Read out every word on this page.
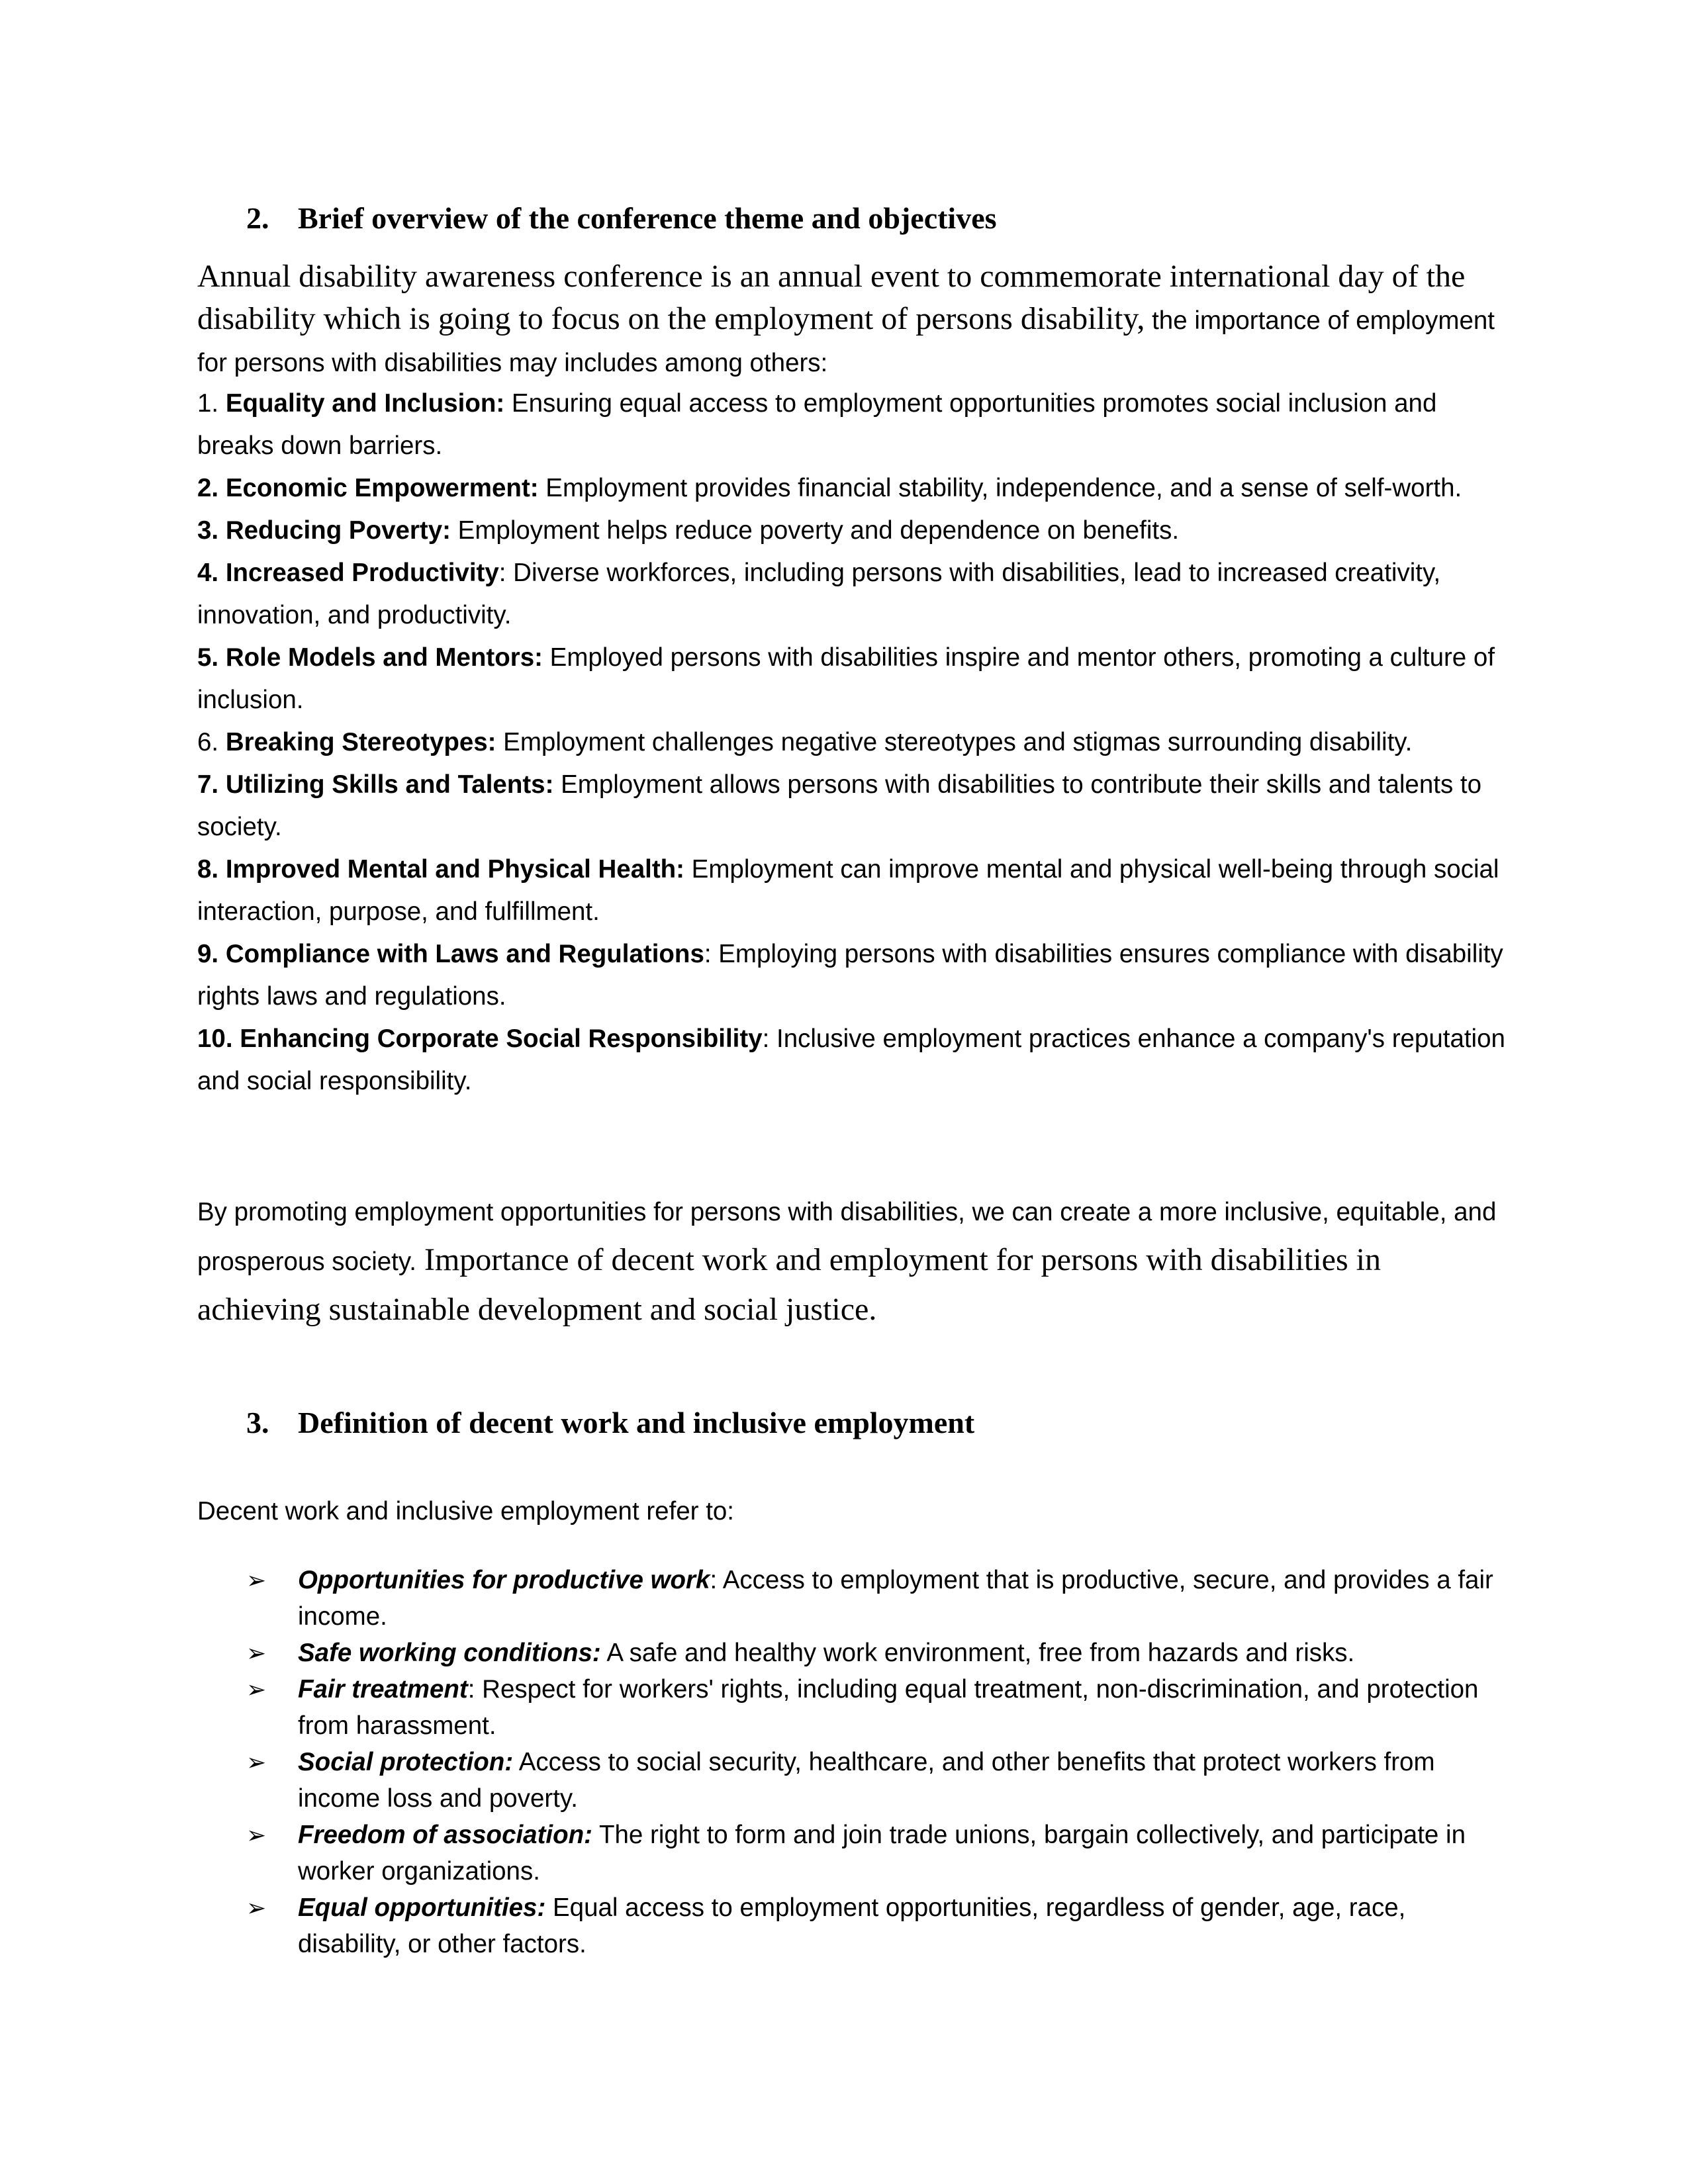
2. Brief overview of the conference theme and objectives
Annual disability awareness conference is an annual event to commemorate international day of the disability which is going to focus on the employment of persons disability, the importance of employment for persons with disabilities may includes among others:

1. Equality and Inclusion: Ensuring equal access to employment opportunities promotes social inclusion and breaks down barriers.

2. Economic Empowerment: Employment provides financial stability, independence, and a sense of self-worth.

3. Reducing Poverty: Employment helps reduce poverty and dependence on benefits.

4. Increased Productivity: Diverse workforces, including persons with disabilities, lead to increased creativity, innovation, and productivity.

5. Role Models and Mentors: Employed persons with disabilities inspire and mentor others, promoting a culture of inclusion.

6. Breaking Stereotypes: Employment challenges negative stereotypes and stigmas surrounding disability.

7. Utilizing Skills and Talents: Employment allows persons with disabilities to contribute their skills and talents to society.

8. Improved Mental and Physical Health: Employment can improve mental and physical well-being through social interaction, purpose, and fulfillment.

9. Compliance with Laws and Regulations: Employing persons with disabilities ensures compliance with disability rights laws and regulations.

10. Enhancing Corporate Social Responsibility: Inclusive employment practices enhance a company's reputation and social responsibility.

By promoting employment opportunities for persons with disabilities, we can create a more inclusive, equitable, and prosperous society. Importance of decent work and employment for persons with disabilities in achieving sustainable development and social justice.
3. Definition of decent work and inclusive employment
Decent work and inclusive employment refer to:

➢ Opportunities for productive work: Access to employment that is productive, secure, and provides a fair income.

➢ Safe working conditions: A safe and healthy work environment, free from hazards and risks.

➢ Fair treatment: Respect for workers' rights, including equal treatment, non-discrimination, and protection from harassment.

➢ Social protection: Access to social security, healthcare, and other benefits that protect workers from income loss and poverty.

➢ Freedom of association: The right to form and join trade unions, bargain collectively, and participate in worker organizations.

➢ Equal opportunities: Equal access to employment opportunities, regardless of gender, age, race, disability, or other factors.
